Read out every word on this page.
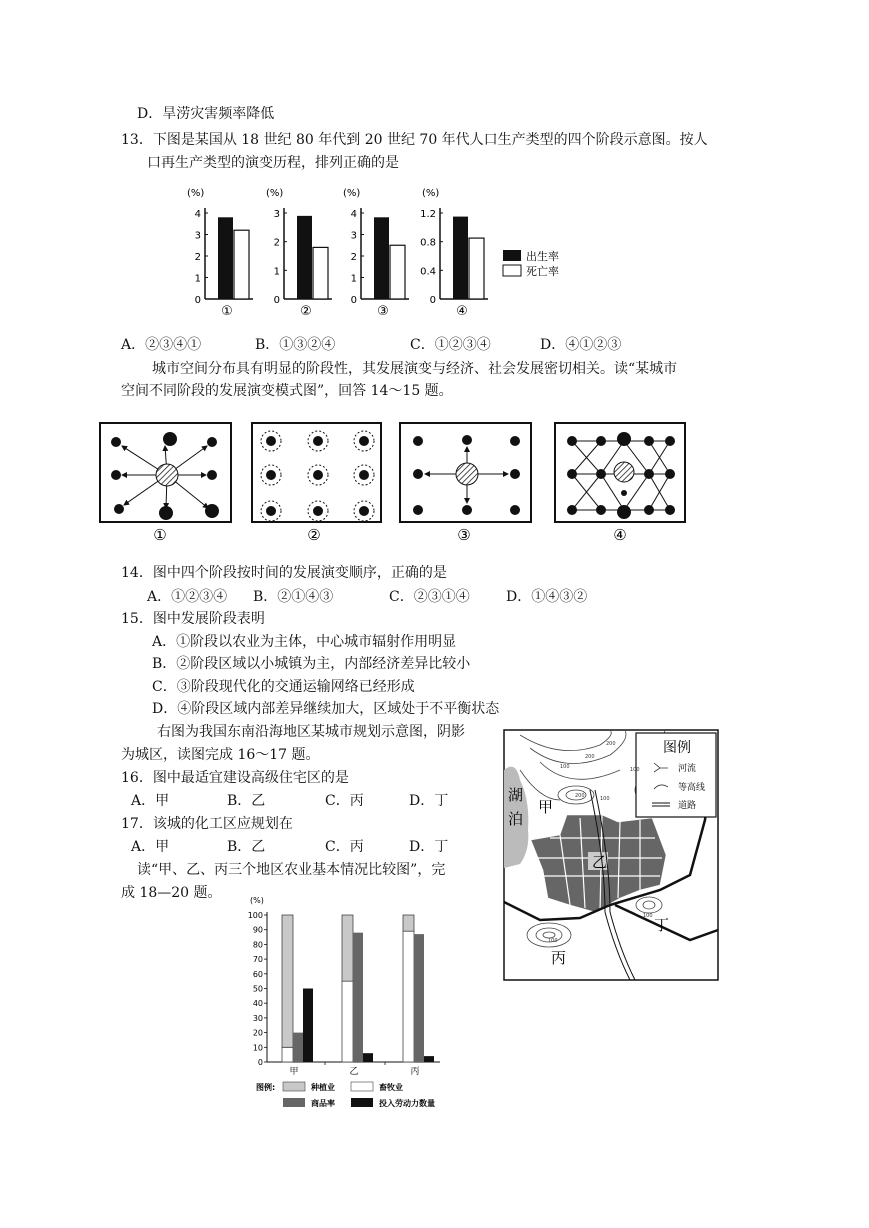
D．旱涝灾害频率降低
13．下图是某国从 18 世纪 80 年代到 20 世纪 70 年代人口生产类型的四个阶段示意图。按人
口再生产类型的演变历程，排列正确的是
(%)
0
1
2
3
4
①
(%)
0
1
2
3
②
(%)
0
1
2
3
4
③
(%)
0
0.4
0.8
1.2
④
出生率
死亡率
A．②③④①	B．①③②④	C．①②③④	D．④①②③
城市空间分布具有明显的阶段性，其发展演变与经济、社会发展密切相关。读“某城市
空间不同阶段的发展演变模式图”，回答 14～15 题。
①	②	③	④
14．图中四个阶段按时间的发展演变顺序，正确的是
A．①②③④ B．②①④③	C．②③①④	D．①④③②
15．图中发展阶段表明
A．①阶段以农业为主体，中心城市辐射作用明显
B．②阶段区域以小城镇为主，内部经济差异比较小
C．③阶段现代化的交通运输网络已经形成
D．④阶段区域内部差异继续加大，区域处于不平衡状态
右图为我国东南沿海地区某城市规划示意图，阴影
为城区，读图完成 16～17 题。
16．图中最适宜建设高级住宅区的是
A．甲	B．乙	C．丙	D．丁
17．该城的化工区应规划在
A．甲	B．乙	C．丙	D．丁
读“甲、乙、丙三个地区农业基本情况比较图”，完
成 18—20 题。
图例
河流
等高线
道路
湖
泊
甲
乙
丙
丁
200
100
200	100
100
100
100
200
(%)
0
10
20
30
40
50
60
70
80
90
100
甲	乙	丙
图例:	种植业	畜牧业
商品率	投入劳动力数量
